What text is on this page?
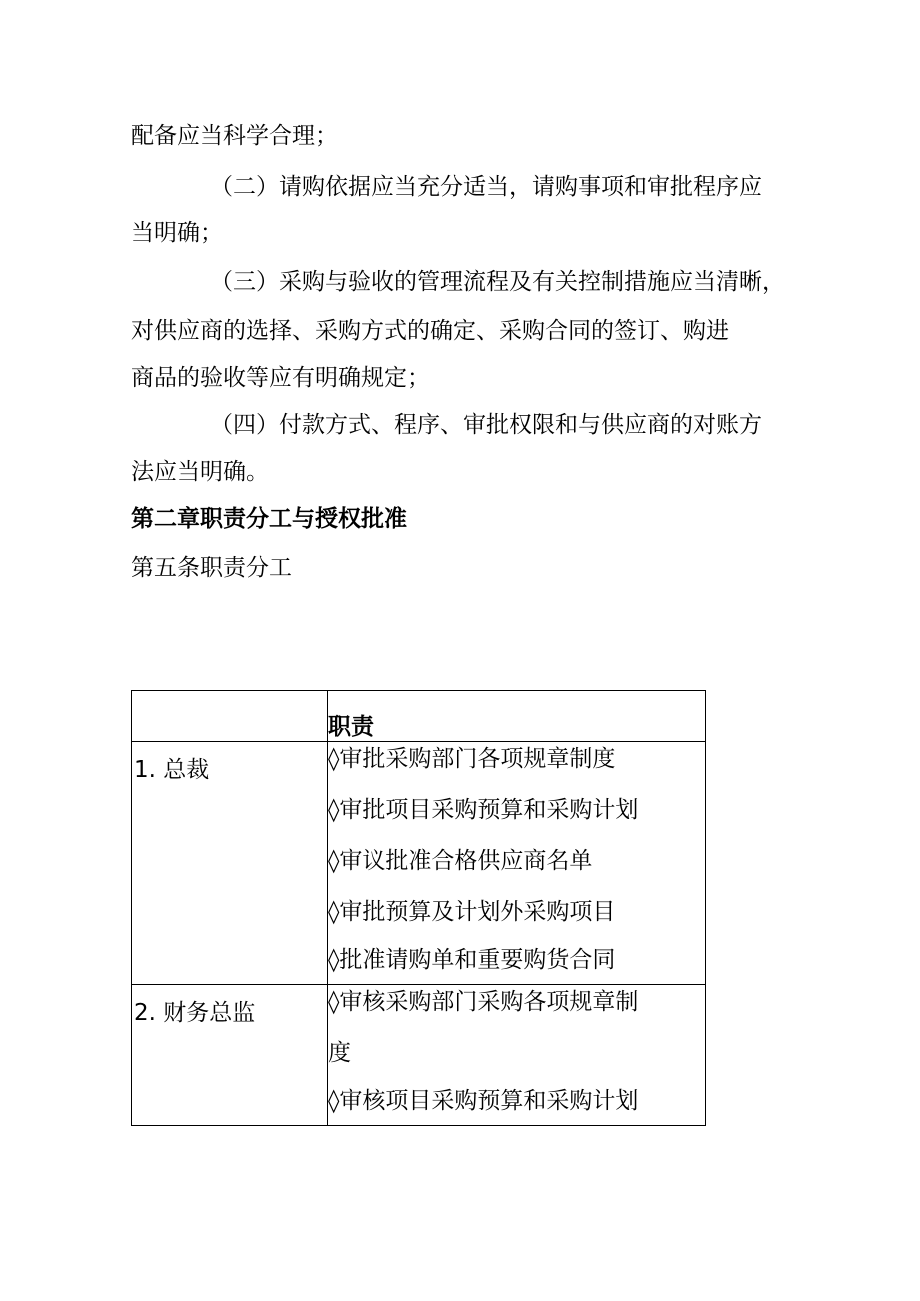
配备应当科学合理；
（二）请购依据应当充分适当，请购事项和审批程序应
当明确；
（三）采购与验收的管理流程及有关控制措施应当清晰，
对供应商的选择、采购方式的确定、采购合同的签订、购进
商品的验收等应有明确规定；
（四）付款方式、程序、审批权限和与供应商的对账方
法应当明确。
第二章职责分工与授权批准
第五条职责分工

	职责

1. 总裁	◊审批采购部门各项规章制度
◊审批项目采购预算和采购计划
◊审议批准合格供应商名单
◊审批预算及计划外采购项目
◊批准请购单和重要购货合同

2. 财务总监	◊审核采购部门采购各项规章制
度
◊审核项目采购预算和采购计划
